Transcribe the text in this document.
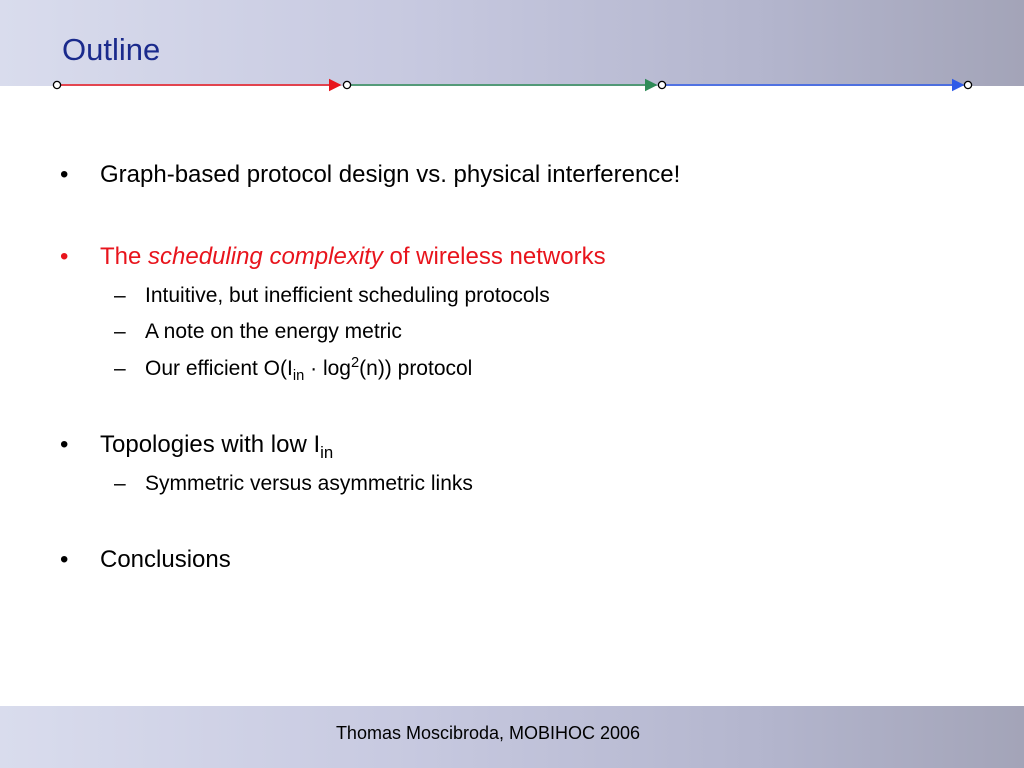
Outline
• Graph-based protocol design vs. physical interference!
• The scheduling complexity of wireless networks
– Intuitive, but inefficient scheduling protocols
– A note on the energy metric
– Our efficient $O(I_{in} \cdot \log^2(n))$ protocol
• Topologies with low $I_{in}$
– Symmetric versus asymmetric links
• Conclusions
Thomas Moscibroda, MOBIHOC 2006
